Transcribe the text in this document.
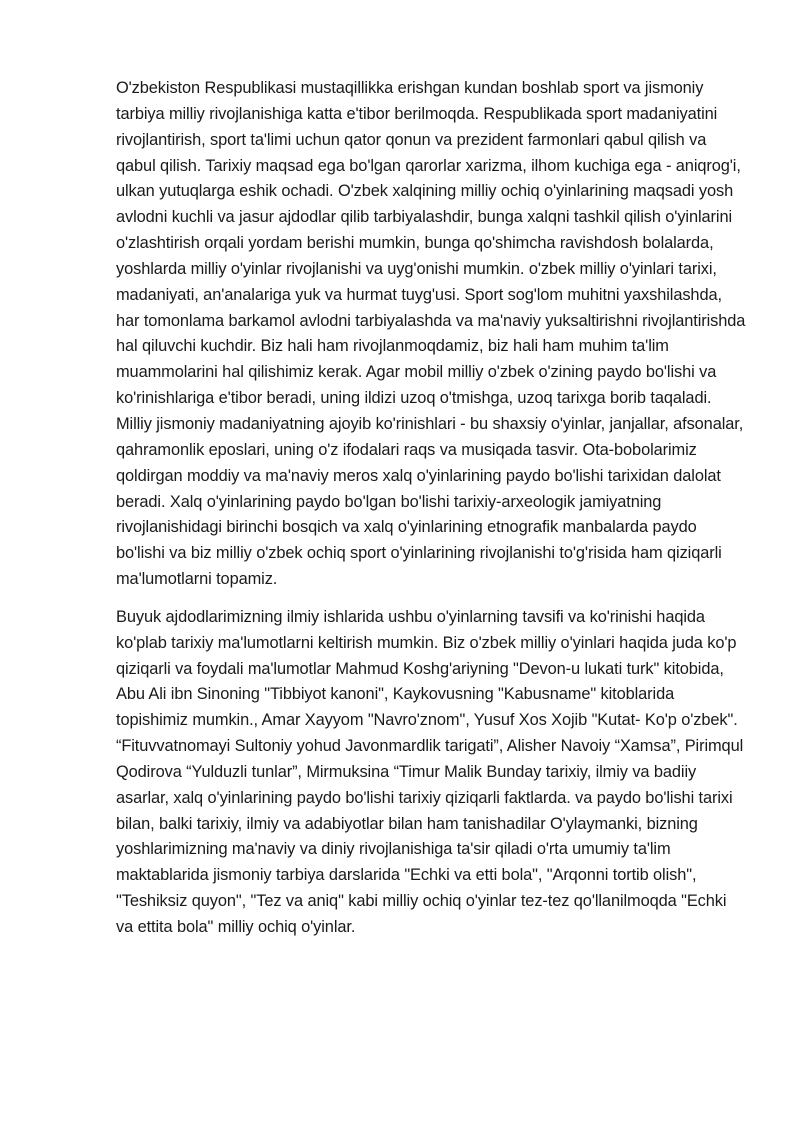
O'zbekiston Respublikasi mustaqillikka erishgan kundan boshlab sport va jismoniy tarbiya milliy rivojlanishiga katta e'tibor berilmoqda. Respublikada sport madaniyatini rivojlantirish, sport ta'limi uchun qator qonun va prezident farmonlari qabul qilish va qabul qilish. Tarixiy maqsad ega bo'lgan qarorlar xarizma, ilhom kuchiga ega - aniqrog'i, ulkan yutuqlarga eshik ochadi. O'zbek xalqining milliy ochiq o'yinlarining maqsadi yosh avlodni kuchli va jasur ajdodlar qilib tarbiyalashdir, bunga xalqni tashkil qilish o'yinlarini o'zlashtirish orqali yordam berishi mumkin, bunga qo'shimcha ravishdosh bolalarda, yoshlarda milliy o'yinlar rivojlanishi va uyg'onishi mumkin. o'zbek milliy o'yinlari tarixi, madaniyati, an'analariga yuk va hurmat tuyg'usi. Sport sog'lom muhitni yaxshilashda, har tomonlama barkamol avlodni tarbiyalashda va ma'naviy yuksaltirishni rivojlantirishda hal qiluvchi kuchdir. Biz hali ham rivojlanmoqdamiz, biz hali ham muhim ta'lim muammolarini hal qilishimiz kerak. Agar mobil milliy o'zbek o'zining paydo bo'lishi va ko'rinishlariga e'tibor beradi, uning ildizi uzoq o'tmishga, uzoq tarixga borib taqaladi. Milliy jismoniy madaniyatning ajoyib ko'rinishlari - bu shaxsiy o'yinlar, janjallar, afsonalar, qahramonlik eposlari, uning o'z ifodalari raqs va musiqada tasvir. Ota-bobolarimiz qoldirgan moddiy va ma'naviy meros xalq o'yinlarining paydo bo'lishi tarixidan dalolat beradi. Xalq o'yinlarining paydo bo'lgan bo'lishi tarixiy-arxeologik jamiyatning rivojlanishidagi birinchi bosqich va xalq o'yinlarining etnografik manbalarda paydo bo'lishi va biz milliy o'zbek ochiq sport o'yinlarining rivojlanishi to'g'risida ham qiziqarli ma'lumotlarni topamiz.

Buyuk ajdodlarimizning ilmiy ishlarida ushbu o'yinlarning tavsifi va ko'rinishi haqida ko'plab tarixiy ma'lumotlarni keltirish mumkin. Biz o'zbek milliy o'yinlari haqida juda ko'p qiziqarli va foydali ma'lumotlar Mahmud Koshg'ariyning "Devon-u lukati turk" kitobida, Abu Ali ibn Sinoning "Tibbiyot kanoni", Kaykovusning "Kabusname" kitoblarida topishimiz mumkin., Amar Xayyom "Navro'znom", Yusuf Xos Xojib "Kutat- Ko'p o'zbek". “Fituvvatnomayi Sultoniy yohud Javonmardlik tarigati”, Alisher Navoiy “Xamsa”, Pirimqul Qodirova “Yulduzli tunlar”, Mirmuksina “Timur Malik Bunday tarixiy, ilmiy va badiiy asarlar, xalq o'yinlarining paydo bo'lishi tarixiy qiziqarli faktlarda. va paydo bo'lishi tarixi bilan, balki tarixiy, ilmiy va adabiyotlar bilan ham tanishadilar O'ylaymanki, bizning yoshlarimizning ma'naviy va diniy rivojlanishiga ta'sir qiladi o'rta umumiy ta'lim maktablarida jismoniy tarbiya darslarida "Echki va etti bola", "Arqonni tortib olish", "Teshiksiz quyon", "Tez va aniq" kabi milliy ochiq o'yinlar tez-tez qo'llanilmoqda "Echki va ettita bola" milliy ochiq o'yinlar.
